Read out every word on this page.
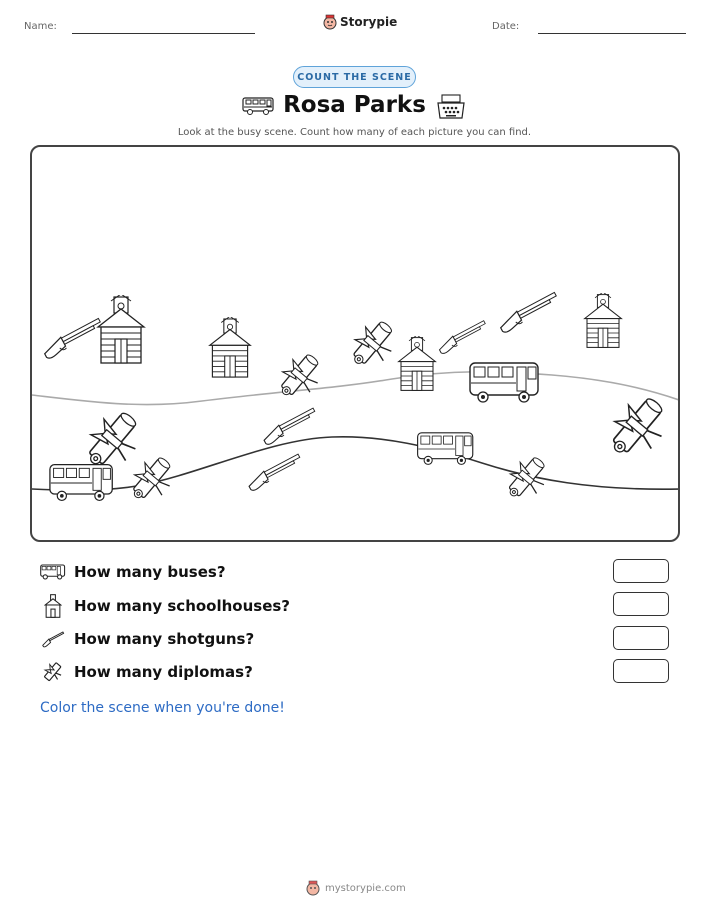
Name:	Storypie	Date:
COUNT THE SCENE
Rosa Parks
Look at the busy scene. Count how many of each picture you can find.
How many buses?
How many schoolhouses?
How many shotguns?
How many diplomas?
Color the scene when you're done!
mystorypie.com
